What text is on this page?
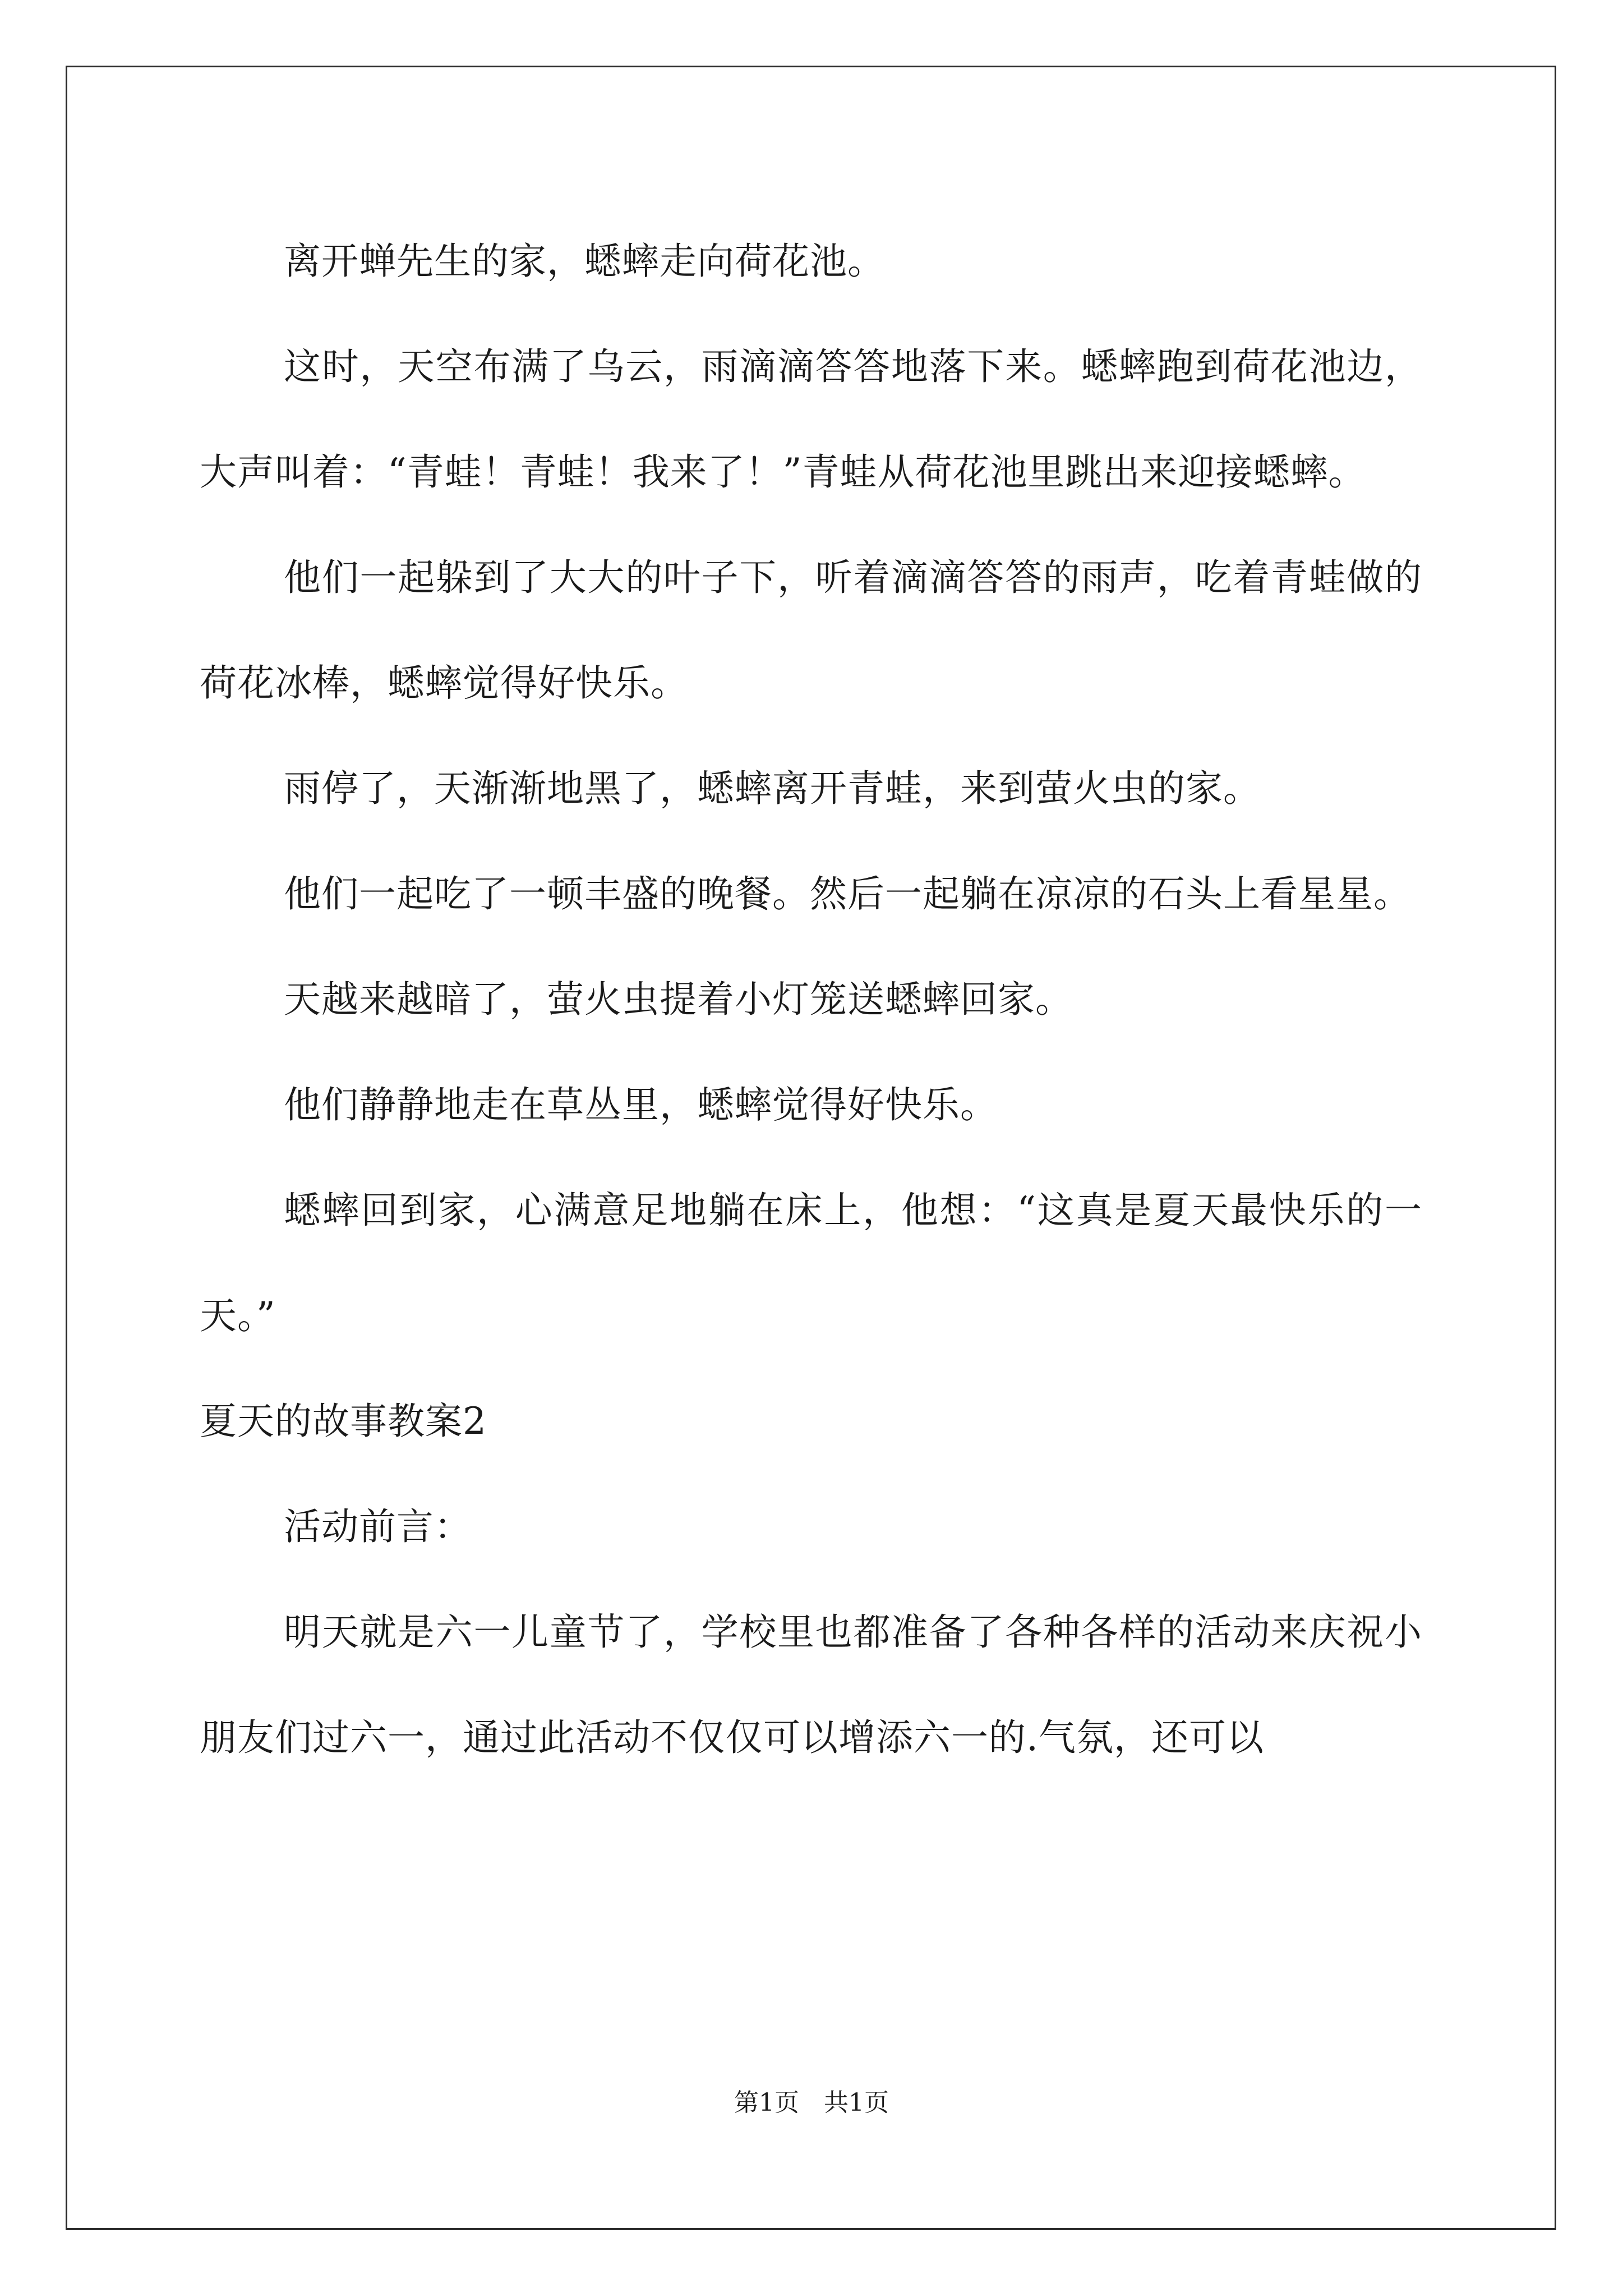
离开蝉先生的家，蟋蟀走向荷花池。

这时，天空布满了乌云，雨滴滴答答地落下来。蟋蟀跑到荷花池边，大声叫着：“青蛙！青蛙！我来了！”青蛙从荷花池里跳出来迎接蟋蟀。

他们一起躲到了大大的叶子下，听着滴滴答答的雨声，吃着青蛙做的荷花冰棒，蟋蟀觉得好快乐。

雨停了，天渐渐地黑了，蟋蟀离开青蛙，来到萤火虫的家。

他们一起吃了一顿丰盛的晚餐。然后一起躺在凉凉的石头上看星星。

天越来越暗了，萤火虫提着小灯笼送蟋蟀回家。

他们静静地走在草丛里，蟋蟀觉得好快乐。

蟋蟀回到家，心满意足地躺在床上，他想：“这真是夏天最快乐的一天。”

夏天的故事教案2

活动前言：

明天就是六一儿童节了，学校里也都准备了各种各样的活动来庆祝小朋友们过六一，通过此活动不仅仅可以增添六一的.气氛，还可以

第1页　共1页
